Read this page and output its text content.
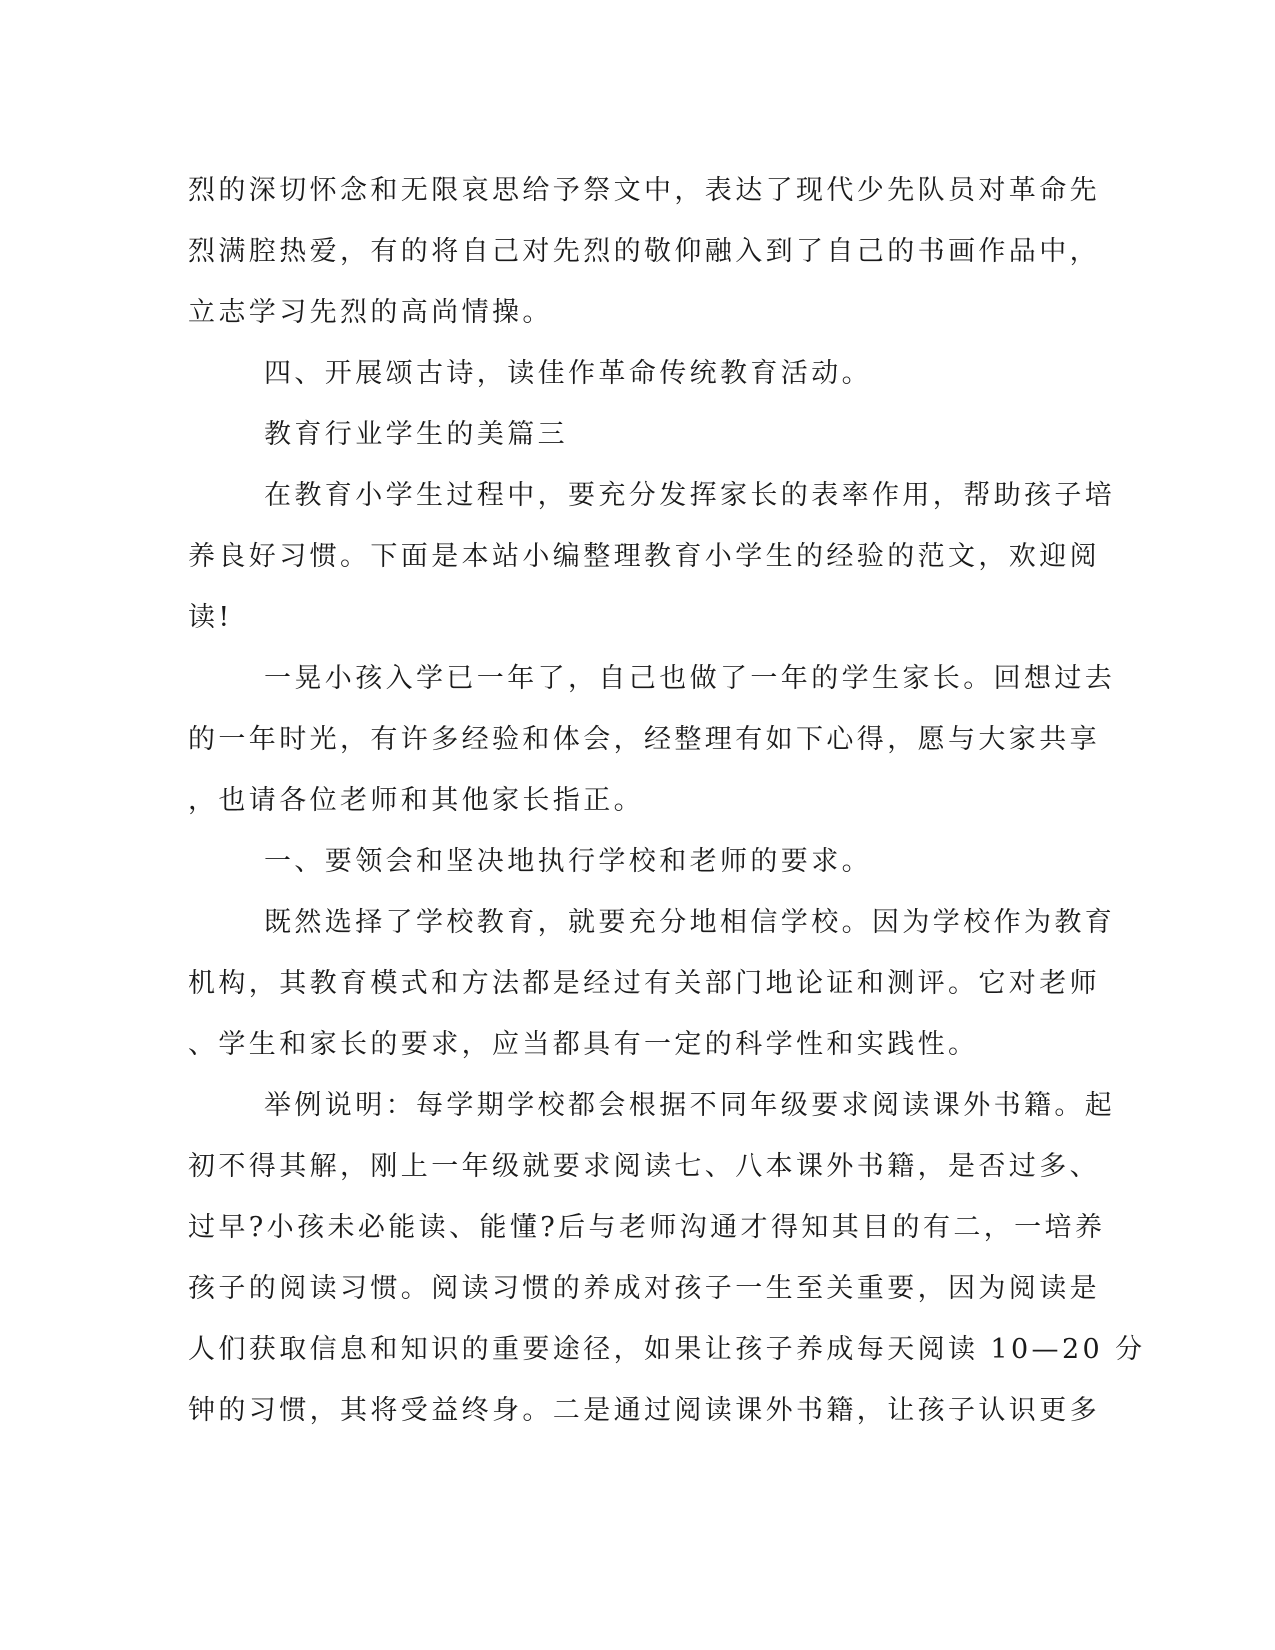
烈的深切怀念和无限哀思给予祭文中，表达了现代少先队员对革命先
烈满腔热爱，有的将自己对先烈的敬仰融入到了自己的书画作品中，
立志学习先烈的高尚情操。
四、开展颂古诗，读佳作革命传统教育活动。
教育行业学生的美篇三
在教育小学生过程中，要充分发挥家长的表率作用，帮助孩子培
养良好习惯。下面是本站小编整理教育小学生的经验的范文，欢迎阅
读!
一晃小孩入学已一年了，自己也做了一年的学生家长。回想过去
的一年时光，有许多经验和体会，经整理有如下心得，愿与大家共享
，也请各位老师和其他家长指正。
一、要领会和坚决地执行学校和老师的要求。
既然选择了学校教育，就要充分地相信学校。因为学校作为教育
机构，其教育模式和方法都是经过有关部门地论证和测评。它对老师
、学生和家长的要求，应当都具有一定的科学性和实践性。
举例说明：每学期学校都会根据不同年级要求阅读课外书籍。起
初不得其解，刚上一年级就要求阅读七、八本课外书籍，是否过多、
过早?小孩未必能读、能懂?后与老师沟通才得知其目的有二，一培养
孩子的阅读习惯。阅读习惯的养成对孩子一生至关重要，因为阅读是
人们获取信息和知识的重要途径，如果让孩子养成每天阅读 10—20 分
钟的习惯，其将受益终身。二是通过阅读课外书籍，让孩子认识更多
